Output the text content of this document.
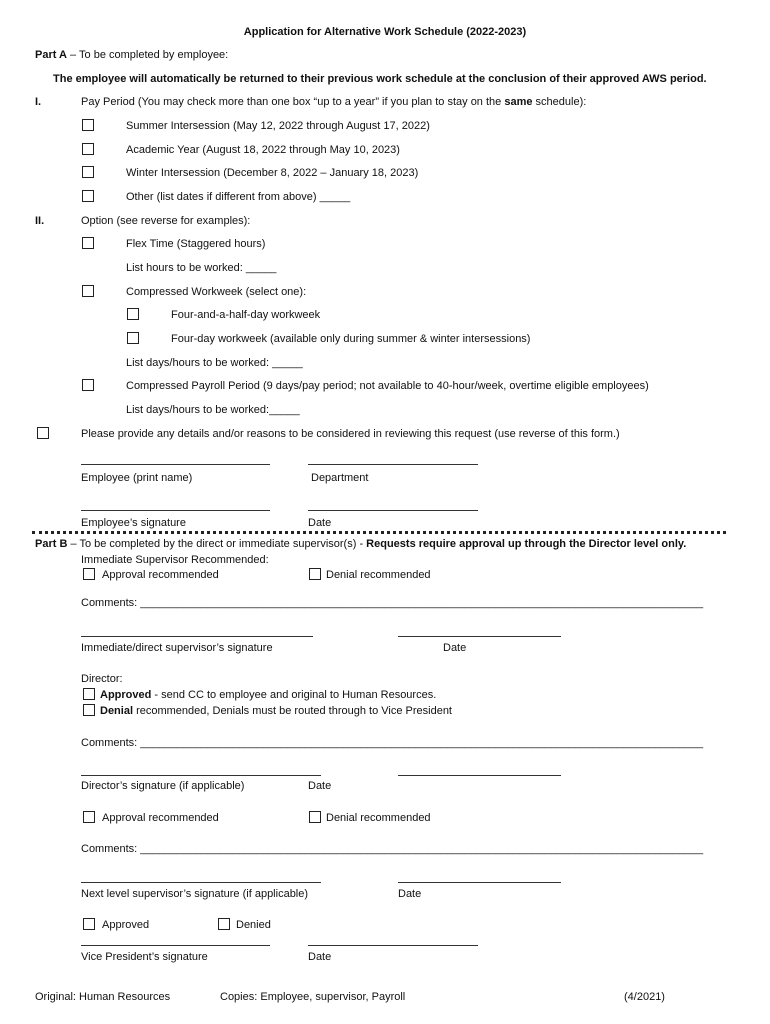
Application for Alternative Work Schedule (2022-2023)
Part A – To be completed by employee:
The employee will automatically be returned to their previous work schedule at the conclusion of their approved AWS period.
I.	Pay Period (You may check more than one box “up to a year” if you plan to stay on the same schedule):
Summer Intersession (May 12, 2022 through August 17, 2022)
Academic Year (August 18, 2022 through May 10, 2023)
Winter Intersession (December 8, 2022 – January 18, 2023)
Other (list dates if different from above) _____
II.	Option (see reverse for examples):
Flex Time (Staggered hours)
List hours to be worked: _____
Compressed Workweek (select one):
Four-and-a-half-day workweek
Four-day workweek (available only during summer & winter intersessions)
List days/hours to be worked: _____
Compressed Payroll Period (9 days/pay period; not available to 40-hour/week, overtime eligible employees)
List days/hours to be worked:_____
Please provide any details and/or reasons to be considered in reviewing this request (use reverse of this form.)
Employee (print name)	Department
Employee’s signature	Date
Part B – To be completed by the direct or immediate supervisor(s) - Requests require approval up through the Director level only.
Immediate Supervisor Recommended:
Approval recommended	Denial recommended
Comments: ____________________________________________________________________________________________
Immediate/direct supervisor’s signature	Date
Director:
Approved - send CC to employee and original to Human Resources.
Denial recommended, Denials must be routed through to Vice President
Comments: ____________________________________________________________________________________________
Director’s signature (if applicable)	Date
Approval recommended	Denial recommended
Comments: ____________________________________________________________________________________________
Next level supervisor’s signature (if applicable)	Date
Approved	Denied
Vice President’s signature	Date
Original: Human Resources	Copies: Employee, supervisor, Payroll	(4/2021)
